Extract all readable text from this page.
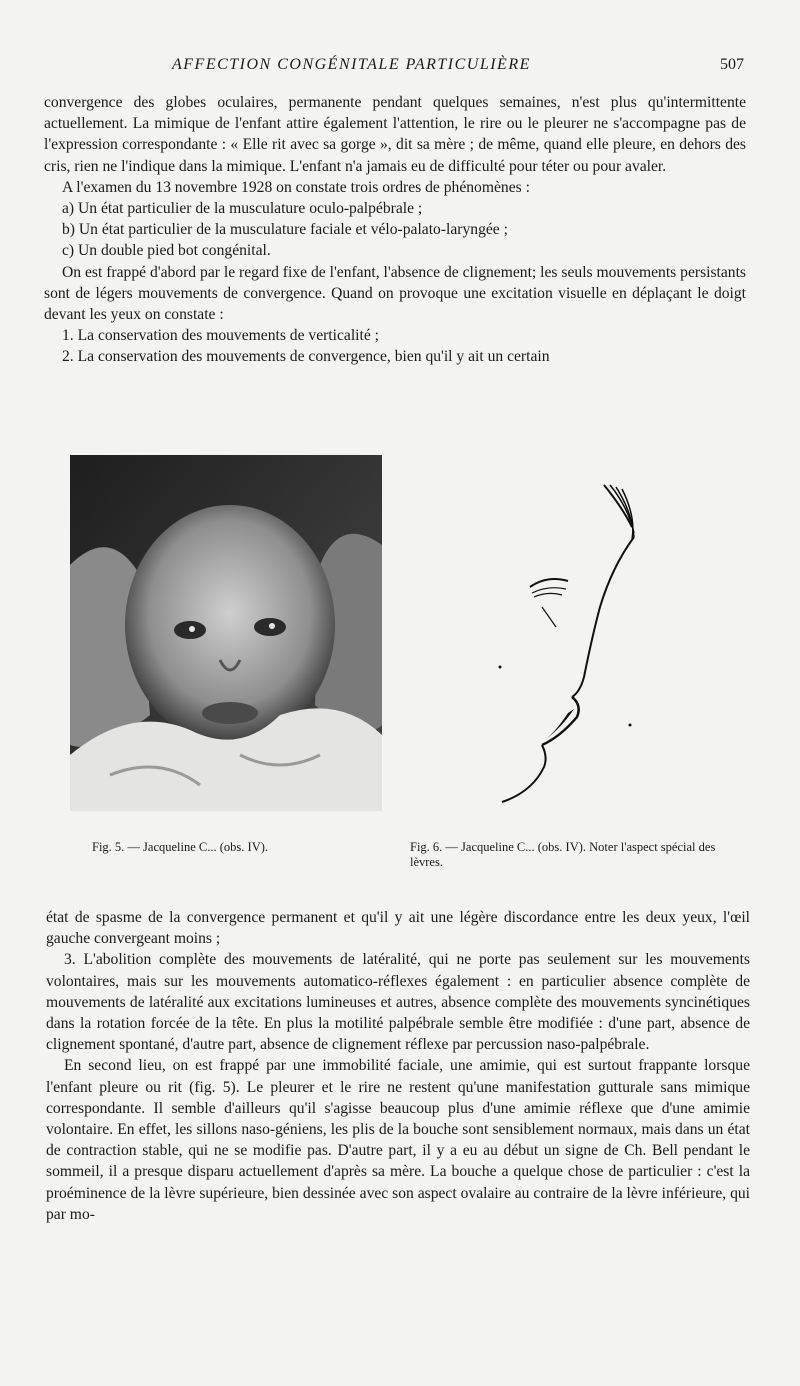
AFFECTION CONGÉNITALE PARTICULIÈRE	507

convergence des globes oculaires, permanente pendant quelques semaines, n'est plus qu'intermittente actuellement. La mimique de l'enfant attire également l'attention, le rire ou le pleurer ne s'accompagne pas de l'expression correspondante : « Elle rit avec sa gorge », dit sa mère ; de même, quand elle pleure, en dehors des cris, rien ne l'indique dans la mimique. L'enfant n'a jamais eu de difficulté pour téter ou pour avaler.

A l'examen du 13 novembre 1928 on constate trois ordres de phénomènes :

a) Un état particulier de la musculature oculo-palpébrale ;

b) Un état particulier de la musculature faciale et vélo-palato-laryngée ;

c) Un double pied bot congénital.

On est frappé d'abord par le regard fixe de l'enfant, l'absence de clignement; les seuls mouvements persistants sont de légers mouvements de convergence. Quand on provoque une excitation visuelle en déplaçant le doigt devant les yeux on constate :

1. La conservation des mouvements de verticalité ;

2. La conservation des mouvements de convergence, bien qu'il y ait un certain

Fig. 5. — Jacqueline C... (obs. IV).	Fig. 6. — Jacqueline C... (obs. IV). Noter l'aspect spécial des lèvres.

état de spasme de la convergence permanent et qu'il y ait une légère discordance entre les deux yeux, l'œil gauche convergeant moins ;

3. L'abolition complète des mouvements de latéralité, qui ne porte pas seulement sur les mouvements volontaires, mais sur les mouvements automatico-réflexes également : en particulier absence complète de mouvements de latéralité aux excitations lumineuses et autres, absence complète des mouvements syncinétiques dans la rotation forcée de la tête. En plus la motilité palpébrale semble être modifiée : d'une part, absence de clignement spontané, d'autre part, absence de clignement réflexe par percussion naso-palpébrale.

En second lieu, on est frappé par une immobilité faciale, une amimie, qui est surtout frappante lorsque l'enfant pleure ou rit (fig. 5). Le pleurer et le rire ne restent qu'une manifestation gutturale sans mimique correspondante. Il semble d'ailleurs qu'il s'agisse beaucoup plus d'une amimie réflexe que d'une amimie volontaire. En effet, les sillons naso-géniens, les plis de la bouche sont sensiblement normaux, mais dans un état de contraction stable, qui ne se modifie pas. D'autre part, il y a eu au début un signe de Ch. Bell pendant le sommeil, il a presque disparu actuellement d'après sa mère. La bouche a quelque chose de particulier : c'est la proéminence de la lèvre supérieure, bien dessinée avec son aspect ovalaire au contraire de la lèvre inférieure, qui par mo-
